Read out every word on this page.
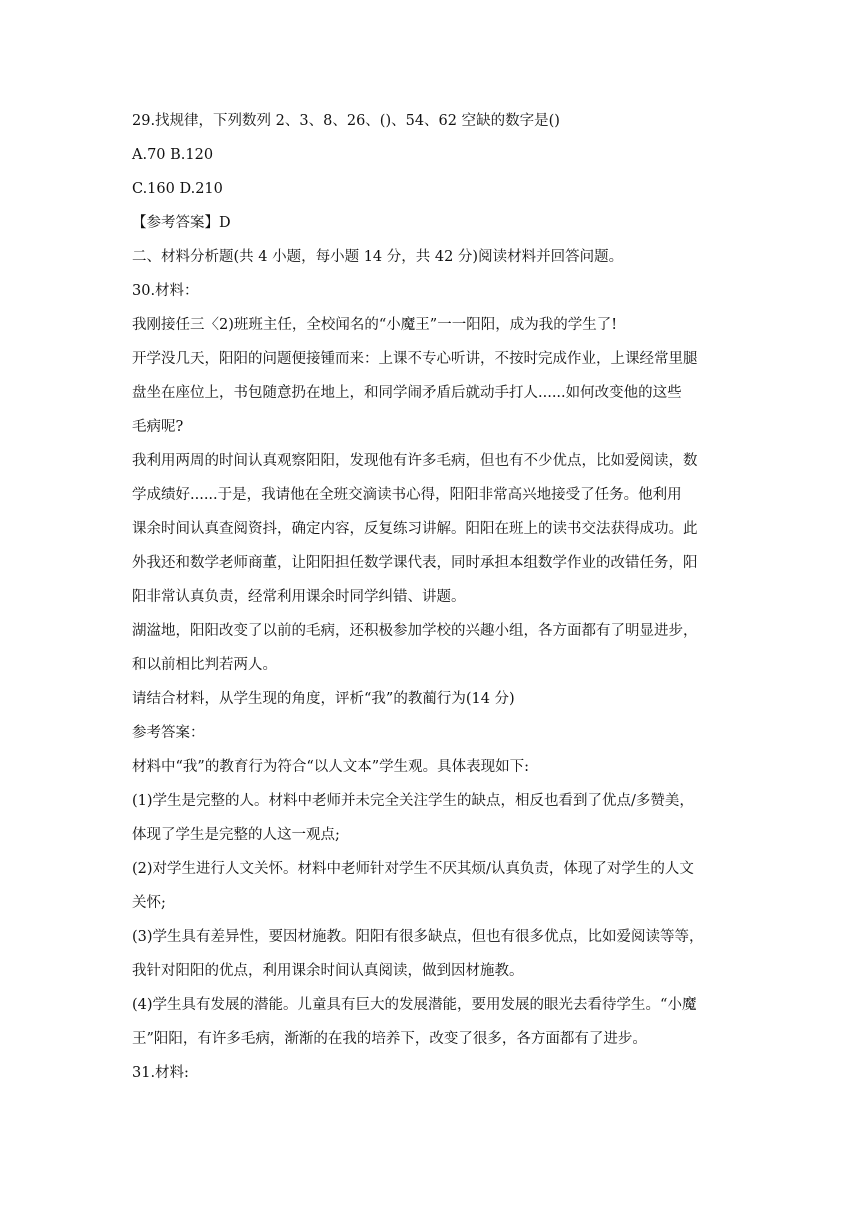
29.找规律，下列数列 2、3、8、26、()、54、62 空缺的数字是()

A.70 B.120

C.160 D.210

【参考答案】D

二、材料分析题(共 4 小题，每小题 14 分，共 42 分)阅读材料并回答问题。

30.材料：

我刚接任三〈2)班班主任，全校闻名的“小魔王”一一阳阳，成为我的学生了!

开学没几天，阳阳的问题便接锺而来：上课不专心听讲，不按时完成作业，上课经常里腿

盘坐在座位上，书包随意扔在地上，和同学闹矛盾后就动手打人......如何改变他的这些

毛病呢?

我利用两周的时间认真观察阳阳，发现他有许多毛病，但也有不少优点，比如爱阅读，数

学成绩好......于是，我请他在全班交滴读书心得，阳阳非常高兴地接受了任务。他利用

课余时间认真查阅资抖，确定内容，反复练习讲解。阳阳在班上的读书交法获得成功。此

外我还和数学老师商董，让阳阳担任数学课代表，同时承担本组数学作业的改错任务，阳

阳非常认真负责，经常利用课余时同学纠错、讲题。

湖湓地，阳阳改变了以前的毛病，还积极参加学校的兴趣小组，各方面都有了明显进步，

和以前相比判若两人。

请结合材料，从学生现的角度，评析“我”的教蔺行为(14 分)

参考答案：

材料中“我”的教育行为符合“以人文本”学生观。具体表现如下:

(1)学生是完整的人。材料中老师并未完全关注学生的缺点，相反也看到了优点/多赞美，

体现了学生是完整的人这一观点;

(2)对学生进行人文关怀。材料中老师针对学生不厌其烦/认真负责，体现了对学生的人文

关怀;

(3)学生具有差异性，要因材施教。阳阳有很多缺点，但也有很多优点，比如爱阅读等等，

我针对阳阳的优点，利用课余时间认真阅读，做到因材施教。

(4)学生具有发展的潜能。儿童具有巨大的发展潜能，要用发展的眼光去看待学生。“小魔

王”阳阳，有许多毛病，渐渐的在我的培养下，改变了很多，各方面都有了进步。

31.材料:
